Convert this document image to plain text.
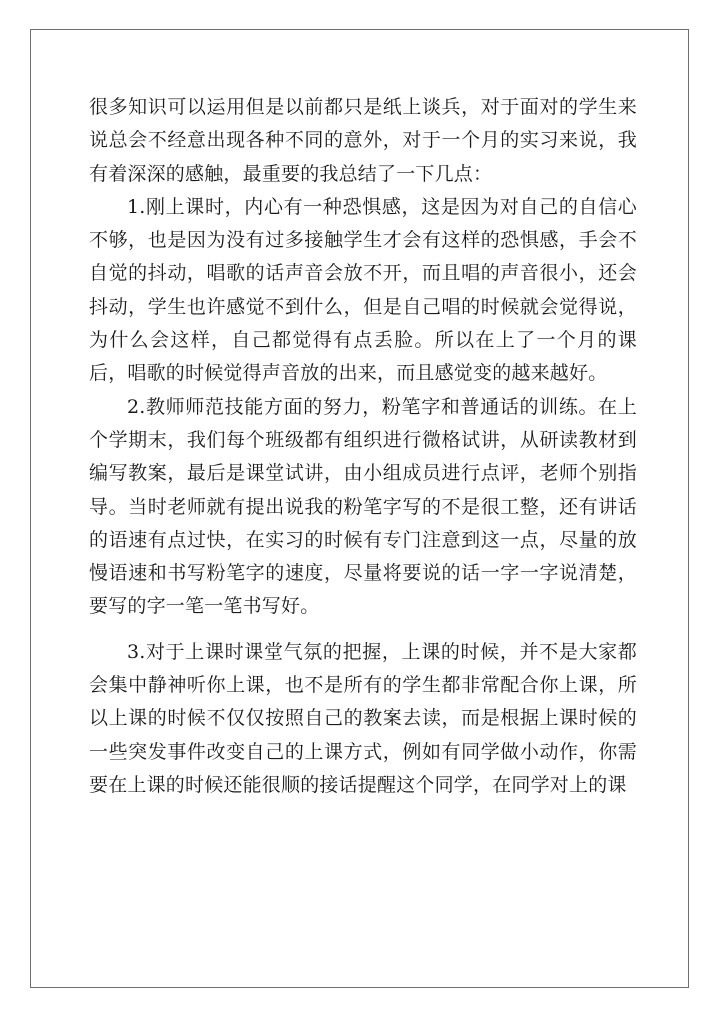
很多知识可以运用但是以前都只是纸上谈兵，对于面对的学生来说总会不经意出现各种不同的意外，对于一个月的实习来说，我有着深深的感触，最重要的我总结了一下几点：

1.刚上课时，内心有一种恐惧感，这是因为对自己的自信心不够，也是因为没有过多接触学生才会有这样的恐惧感，手会不自觉的抖动，唱歌的话声音会放不开，而且唱的声音很小，还会抖动，学生也许感觉不到什么，但是自己唱的时候就会觉得说，为什么会这样，自己都觉得有点丢脸。所以在上了一个月的课后，唱歌的时候觉得声音放的出来，而且感觉变的越来越好。

2.教师师范技能方面的努力，粉笔字和普通话的训练。在上个学期末，我们每个班级都有组织进行微格试讲，从研读教材到编写教案，最后是课堂试讲，由小组成员进行点评，老师个别指导。当时老师就有提出说我的粉笔字写的不是很工整，还有讲话的语速有点过快，在实习的时候有专门注意到这一点，尽量的放慢语速和书写粉笔字的速度，尽量将要说的话一字一字说清楚，要写的字一笔一笔书写好。

3.对于上课时课堂气氛的把握，上课的时候，并不是大家都会集中静神听你上课，也不是所有的学生都非常配合你上课，所以上课的时候不仅仅按照自己的教案去读，而是根据上课时候的一些突发事件改变自己的上课方式，例如有同学做小动作，你需要在上课的时候还能很顺的接话提醒这个同学，在同学对上的课
